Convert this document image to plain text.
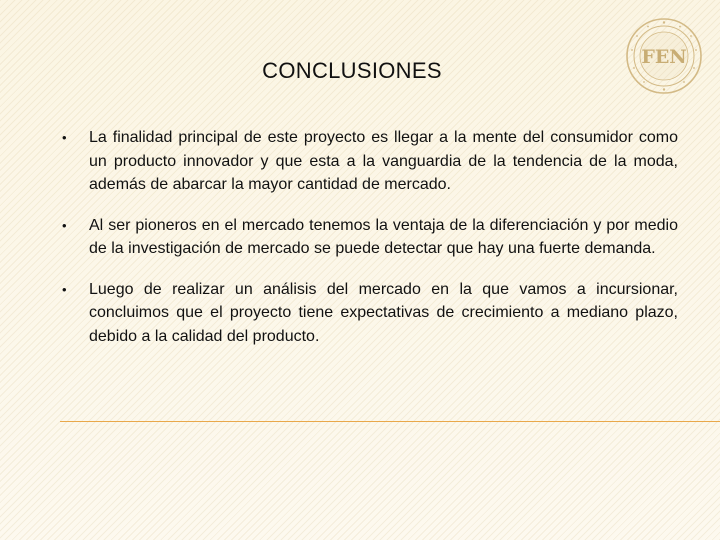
CONCLUSIONES
FEN
• La finalidad principal de este proyecto es llegar a la mente del consumidor como un producto innovador y que esta a la vanguardia de la tendencia de la moda, además de abarcar la mayor cantidad de mercado.
• Al ser pioneros en el mercado tenemos la ventaja de la diferenciación y por medio de la investigación de mercado se puede detectar que hay una fuerte demanda.
• Luego de realizar un análisis del mercado en la que vamos a incursionar, concluimos que el proyecto tiene expectativas de crecimiento a mediano plazo, debido a la calidad del producto.
